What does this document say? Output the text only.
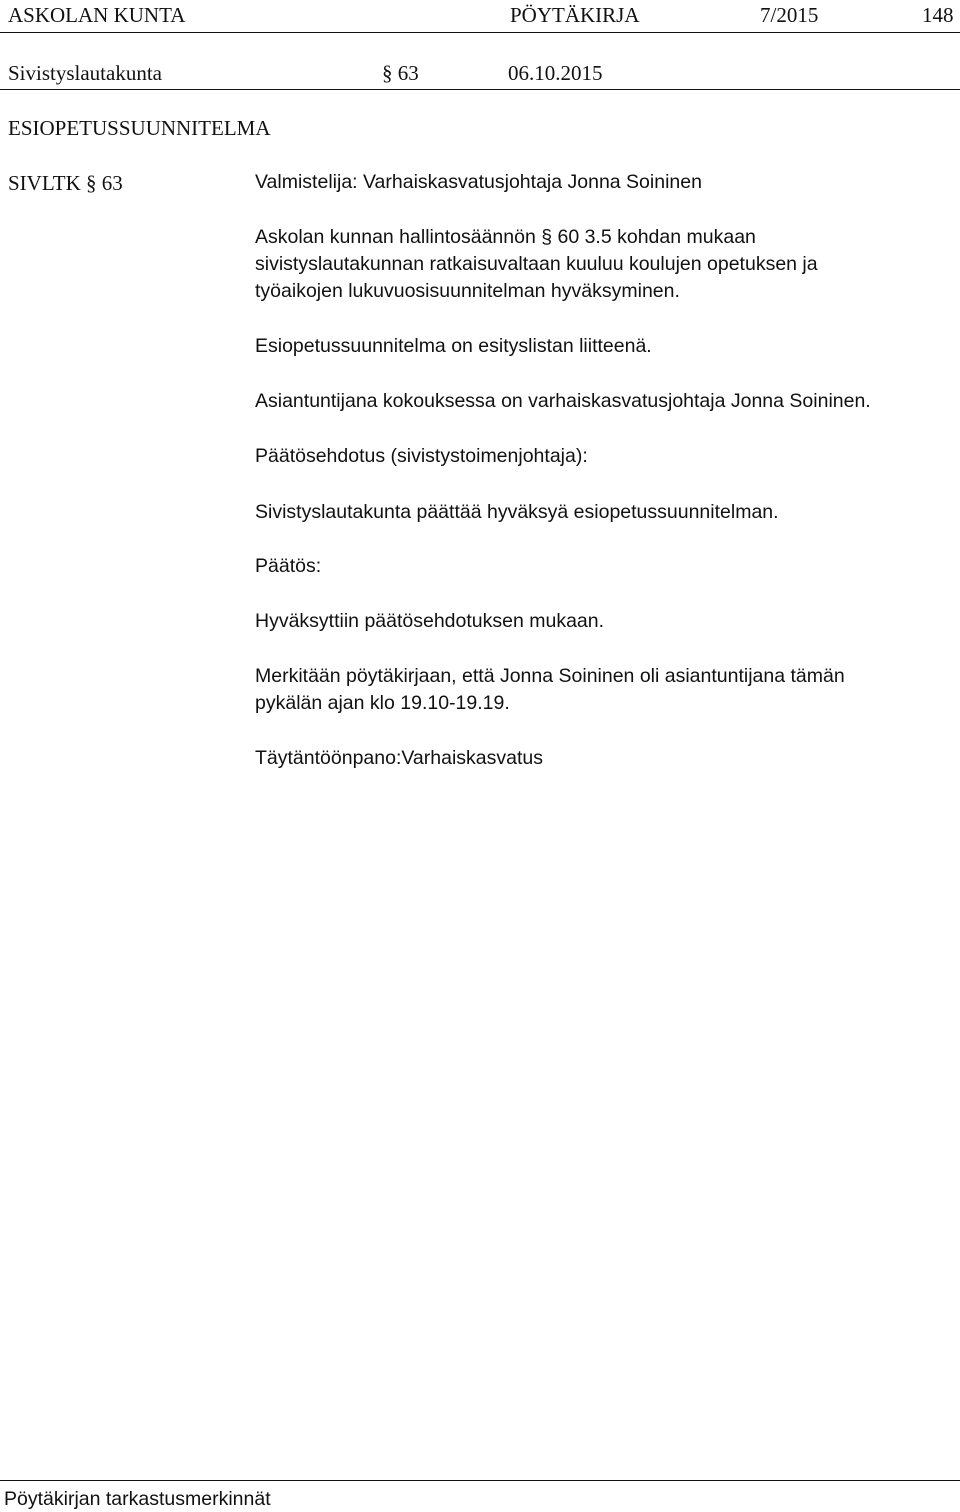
ASKOLAN KUNTA	PÖYTÄKIRJA	7/2015	148
Sivistyslautakunta	§ 63	06.10.2015
ESIOPETUSSUUNNITELMA
SIVLTK § 63	Valmistelija: Varhaiskasvatusjohtaja Jonna Soininen
Askolan kunnan hallintosäännön § 60 3.5 kohdan mukaan
sivistyslautakunnan ratkaisuvaltaan kuuluu koulujen opetuksen ja
työaikojen lukuvuosisuunnitelman hyväksyminen.
Esiopetussuunnitelma on esityslistan liitteenä.
Asiantuntijana kokouksessa on varhaiskasvatusjohtaja Jonna Soininen.
Päätösehdotus (sivistystoimenjohtaja):
Sivistyslautakunta päättää hyväksyä esiopetussuunnitelman.
Päätös:
Hyväksyttiin päätösehdotuksen mukaan.
Merkitään pöytäkirjaan, että Jonna Soininen oli asiantuntijana tämän
pykälän ajan klo 19.10-19.19.
Täytäntöönpano:Varhaiskasvatus
Pöytäkirjan tarkastusmerkinnät
